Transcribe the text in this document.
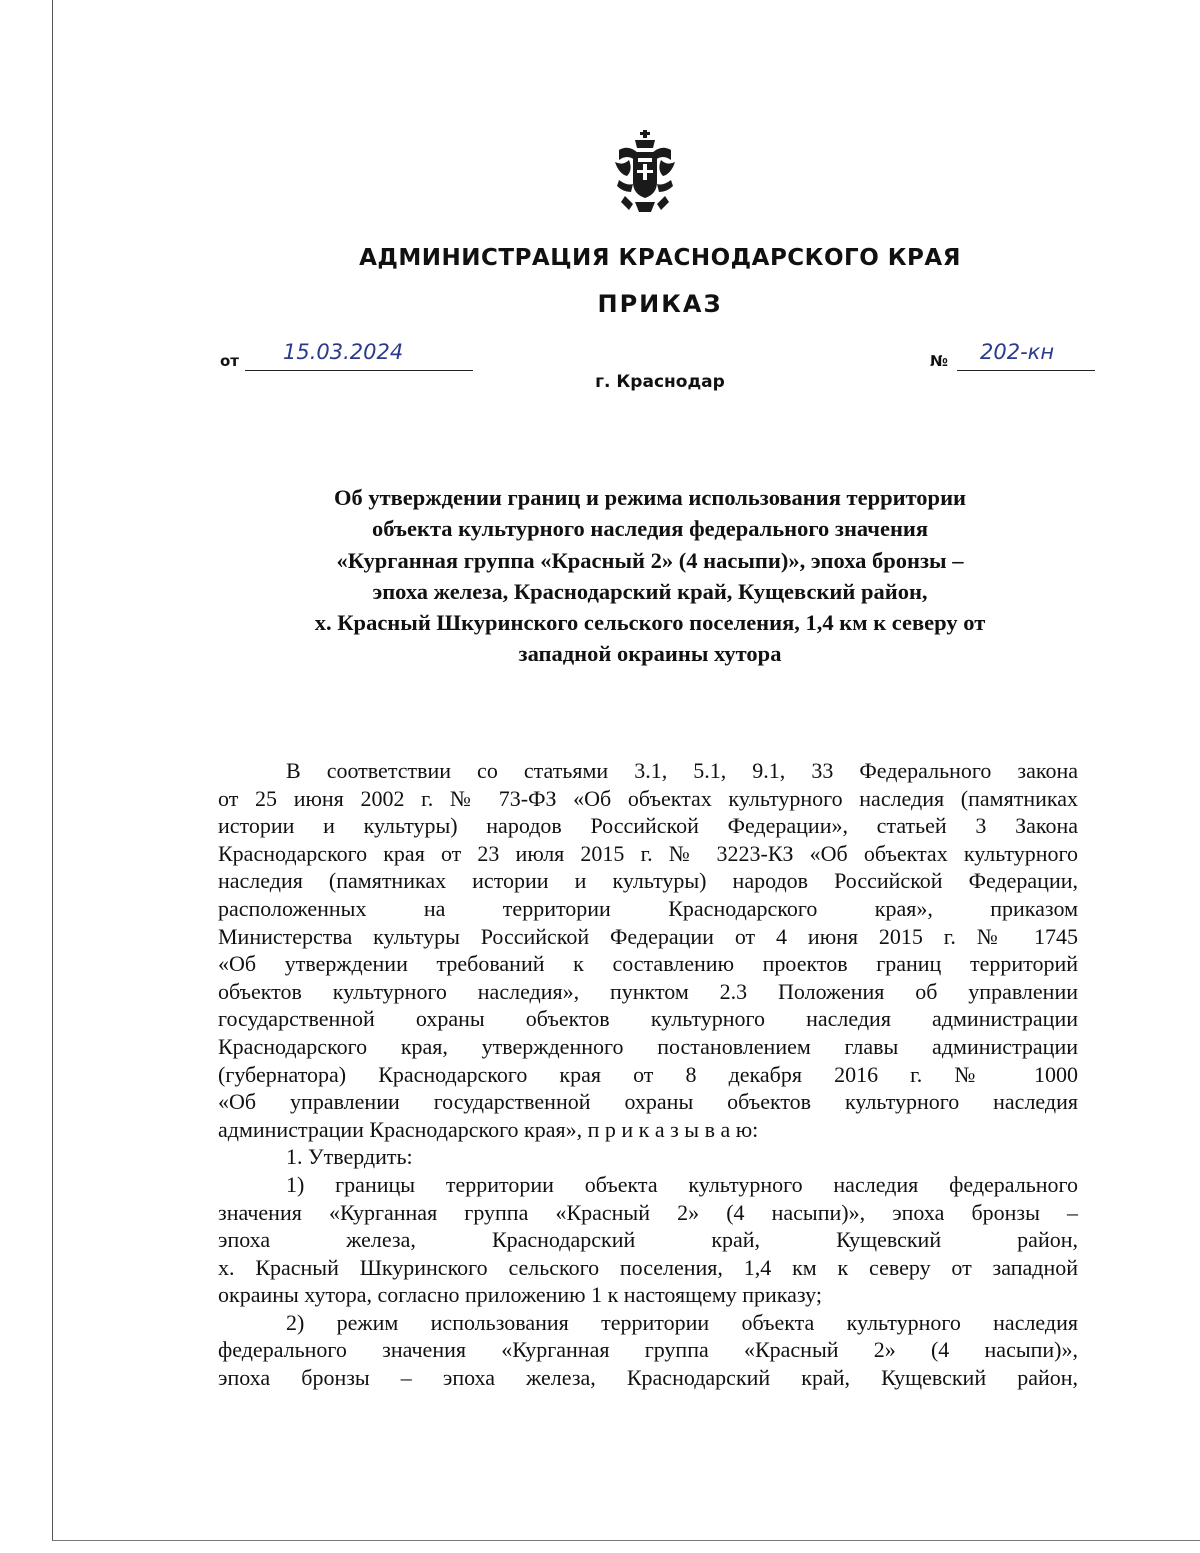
АДМИНИСТРАЦИЯ КРАСНОДАРСКОГО КРАЯ
ПРИКАЗ
от 15.03.2024
г. Краснодар
№ 202-кн
Об утверждении границ и режима использования территории
объекта культурного наследия федерального значения
«Курганная группа «Красный 2» (4 насыпи)», эпоха бронзы –
эпоха железа, Краснодарский край, Кущевский район,
х. Красный Шкуринского сельского поселения, 1,4 км к северу от
западной окраины хутора
В соответствии со статьями 3.1, 5.1, 9.1, 33 Федерального закона
от 25 июня 2002 г. № 73-ФЗ «Об объектах культурного наследия (памятниках
истории и культуры) народов Российской Федерации», статьей 3 Закона
Краснодарского края от 23 июля 2015 г. № 3223-КЗ «Об объектах культурного
наследия (памятниках истории и культуры) народов Российской Федерации,
расположенных на территории Краснодарского края», приказом
Министерства культуры Российской Федерации от 4 июня 2015 г. № 1745
«Об утверждении требований к составлению проектов границ территорий
объектов культурного наследия», пунктом 2.3 Положения об управлении
государственной охраны объектов культурного наследия администрации
Краснодарского края, утвержденного постановлением главы администрации
(губернатора) Краснодарского края от 8 декабря 2016 г. № 1000
«Об управлении государственной охраны объектов культурного наследия
администрации Краснодарского края», п р и к а з ы в а ю:
1. Утвердить:
1) границы территории объекта культурного наследия федерального
значения «Курганная группа «Красный 2» (4 насыпи)», эпоха бронзы –
эпоха железа, Краснодарский край, Кущевский район,
х. Красный Шкуринского сельского поселения, 1,4 км к северу от западной
окраины хутора, согласно приложению 1 к настоящему приказу;
2) режим использования территории объекта культурного наследия
федерального значения «Курганная группа «Красный 2» (4 насыпи)»,
эпоха бронзы – эпоха железа, Краснодарский край, Кущевский район,
